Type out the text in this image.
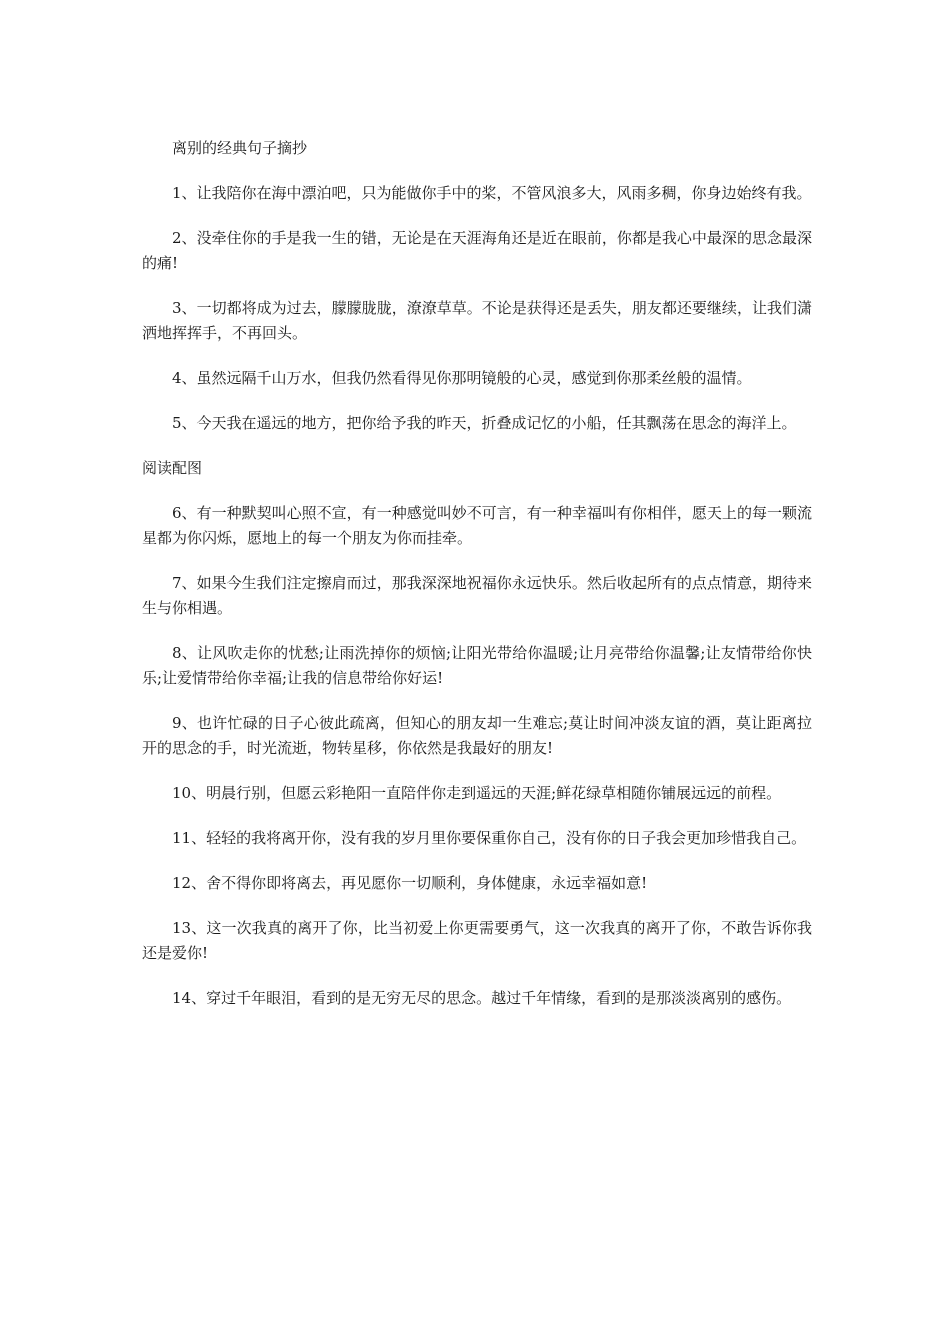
离别的经典句子摘抄

1、让我陪你在海中漂泊吧，只为能做你手中的桨，不管风浪多大，风雨多稠，你身边始终有我。

2、没牵住你的手是我一生的错，无论是在天涯海角还是近在眼前，你都是我心中最深的思念最深的痛!

3、一切都将成为过去，朦朦胧胧，潦潦草草。不论是获得还是丢失，朋友都还要继续，让我们潇洒地挥挥手，不再回头。

4、虽然远隔千山万水，但我仍然看得见你那明镜般的心灵，感觉到你那柔丝般的温情。

5、今天我在遥远的地方，把你给予我的昨天，折叠成记忆的小船，任其飘荡在思念的海洋上。

阅读配图

6、有一种默契叫心照不宣，有一种感觉叫妙不可言，有一种幸福叫有你相伴，愿天上的每一颗流星都为你闪烁，愿地上的每一个朋友为你而挂牵。

7、如果今生我们注定擦肩而过，那我深深地祝福你永远快乐。然后收起所有的点点情意，期待来生与你相遇。

8、让风吹走你的忧愁;让雨洗掉你的烦恼;让阳光带给你温暖;让月亮带给你温馨;让友情带给你快乐;让爱情带给你幸福;让我的信息带给你好运!

9、也许忙碌的日子心彼此疏离，但知心的朋友却一生难忘;莫让时间冲淡友谊的酒，莫让距离拉开的思念的手，时光流逝，物转星移，你依然是我最好的朋友!

10、明晨行别，但愿云彩艳阳一直陪伴你走到遥远的天涯;鲜花绿草相随你铺展远远的前程。

11、轻轻的我将离开你，没有我的岁月里你要保重你自己，没有你的日子我会更加珍惜我自己。

12、舍不得你即将离去，再见愿你一切顺利，身体健康，永远幸福如意!

13、这一次我真的离开了你，比当初爱上你更需要勇气，这一次我真的离开了你，不敢告诉你我还是爱你!

14、穿过千年眼泪，看到的是无穷无尽的思念。越过千年情缘，看到的是那淡淡离别的感伤。
